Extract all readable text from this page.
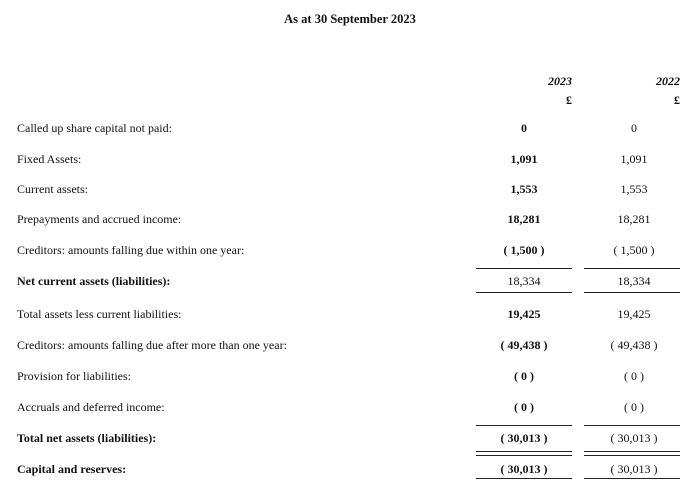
As at 30 September 2023
2023	2022
£	£
Called up share capital not paid:	0	0
Fixed Assets:	1,091	1,091
Current assets:	1,553	1,553
Prepayments and accrued income:	18,281	18,281
Creditors: amounts falling due within one year:	( 1,500 )	( 1,500 )
Net current assets (liabilities):	18,334	18,334
Total assets less current liabilities:	19,425	19,425
Creditors: amounts falling due after more than one year:	( 49,438 )	( 49,438 )
Provision for liabilities:	( 0 )	( 0 )
Accruals and deferred income:	( 0 )	( 0 )
Total net assets (liabilities):	( 30,013 )	( 30,013 )
Capital and reserves:	( 30,013 )	( 30,013 )
